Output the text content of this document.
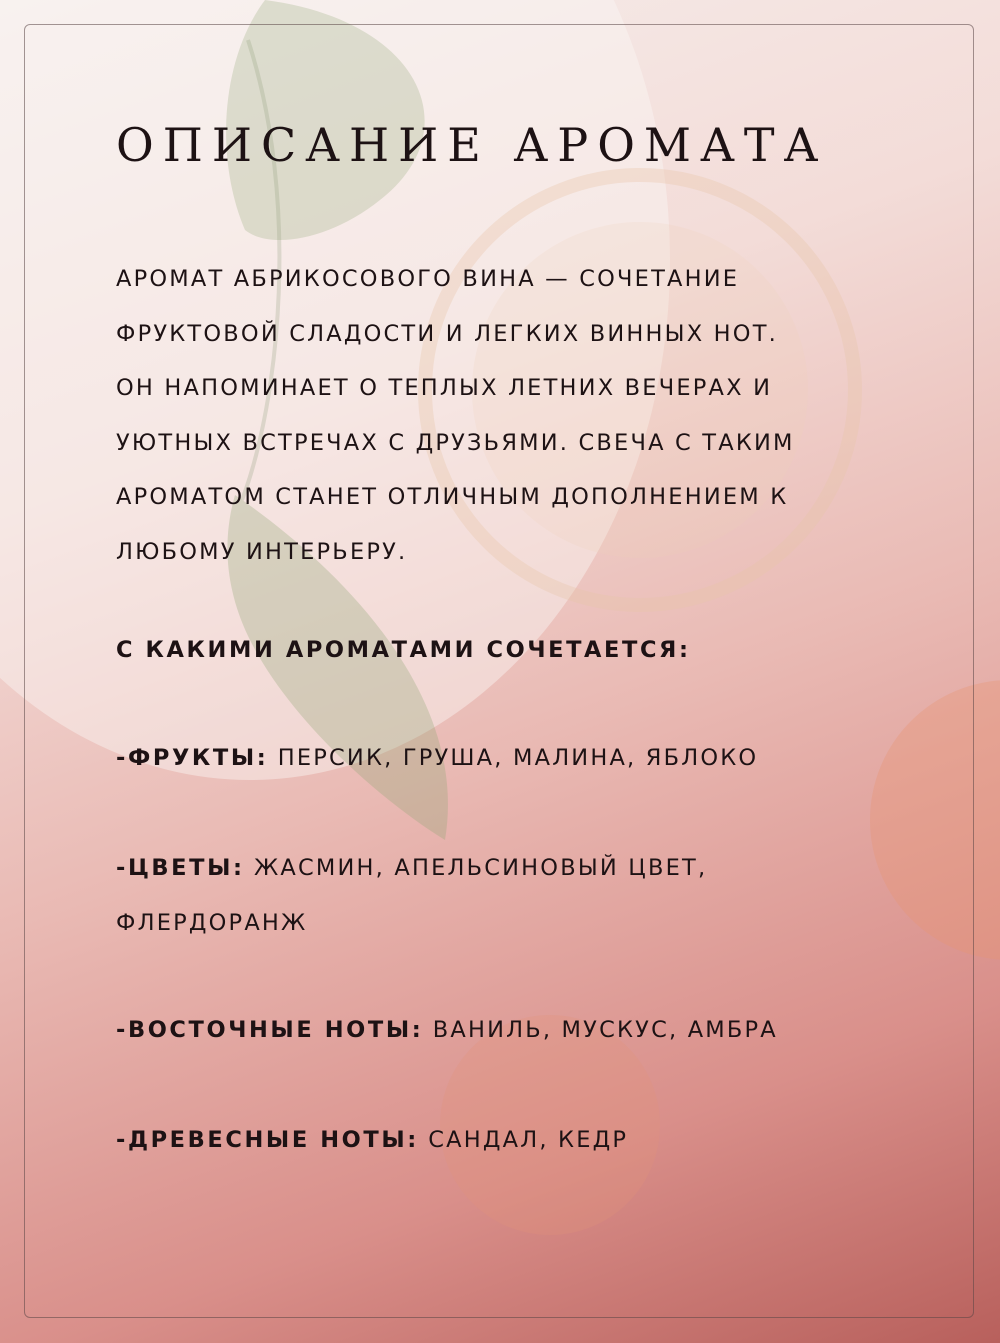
ОПИСАНИЕ АРОМАТА
АРОМАТ АБРИКОСОВОГО ВИНА — СОЧЕТАНИЕ
ФРУКТОВОЙ СЛАДОСТИ И ЛЕГКИХ ВИННЫХ НОТ.
ОН НАПОМИНАЕТ О ТЕПЛЫХ ЛЕТНИХ ВЕЧЕРАХ И
УЮТНЫХ ВСТРЕЧАХ С ДРУЗЬЯМИ. СВЕЧА С ТАКИМ
АРОМАТОМ СТАНЕТ ОТЛИЧНЫМ ДОПОЛНЕНИЕМ К
ЛЮБОМУ ИНТЕРЬЕРУ.
С КАКИМИ АРОМАТАМИ СОЧЕТАЕТСЯ:
-ФРУКТЫ: ПЕРСИК, ГРУША, МАЛИНА, ЯБЛОКО
-ЦВЕТЫ: ЖАСМИН, АПЕЛЬСИНОВЫЙ ЦВЕТ,
ФЛЕРДОРАНЖ
-ВОСТОЧНЫЕ НОТЫ: ВАНИЛЬ, МУСКУС, АМБРА
-ДРЕВЕСНЫЕ НОТЫ: САНДАЛ, КЕДР
